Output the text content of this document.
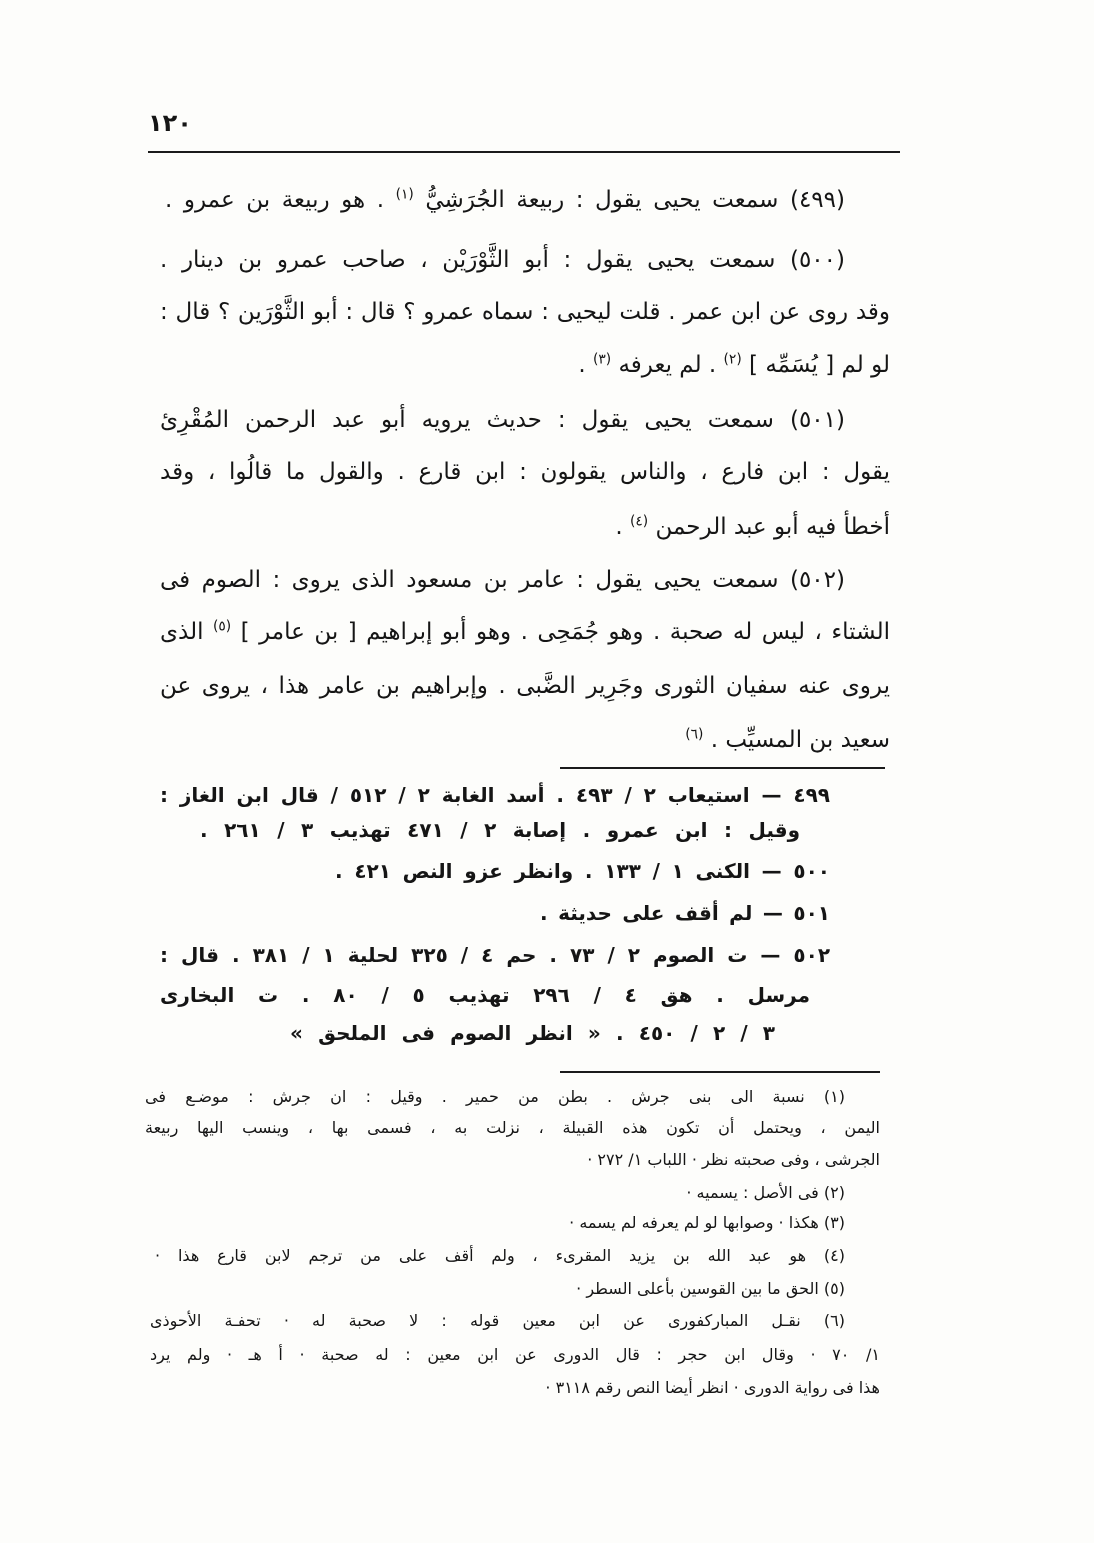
١٢٠
(٤٩٩) سمعت يحيى يقول : ربيعة الجُرَشِيُّ $^{(١)}$ . هو ربيعة بن عمرو .
(٥٠٠) سمعت يحيى يقول : أبو الثَّوْرَيْن ، صاحب عمرو بن دينار .
وقد روى عن ابن عمر . قلت ليحيى : سماه عمرو ؟ قال : أبو الثَّوْرَين ؟ قال :
لو لم [ يُسَمِّه ] $^{(٢)}$ . لم يعرفه $^{(٣)}$ .
(٥٠١) سمعت يحيى يقول : حديث يرويه أبو عبد الرحمن المُقْرِئ
يقول : ابن فارع ، والناس يقولون : ابن قارع . والقول ما قالُوا ، وقد
أخطأ فيه أبو عبد الرحمن $^{(٤)}$ .
(٥٠٢) سمعت يحيى يقول : عامر بن مسعود الذى يروى : الصوم فى
الشتاء ، ليس له صحبة . وهو جُمَحِى . وهو أبو إبراهيم [ بن عامر ] $^{(٥)}$ الذى
يروى عنه سفيان الثورى وجَرِير الضَّبى . وإبراهيم بن عامر هذا ، يروى عن
سعيد بن المسيِّب . $^{(٦)}$
٤٩٩ — استيعاب ٢ / ٤٩٣ . أسد الغابة ٢ / ٥١٢ / قال ابن الغاز :
وقيل : ابن عمرو . إصابة ٢ / ٤٧١ تهذيب ٣ / ٢٦١ .
٥٠٠ — الكنى ١ / ١٣٣ . وانظر عزو النص ٤٢١ .
٥٠١ — لم أقف على حديثة .
٥٠٢ — ت الصوم ٢ / ٧٣ . حم ٤ / ٣٢٥ لحلية ١ / ٣٨١ . قال :
مرسل . هق ٤ / ٢٩٦ تهذيب ٥ / ٨٠ . ت البخارى
٣ / ٢ / ٤٥٠ . « انظر الصوم فى الملحق »
(١) نسبة الى بنى جرش . بطن من حمير . وقيل : ان جرش : موضـع فى
اليمن ، ويحتمل أن تكون هذه القبيلة ، نزلت به ، فسمى بها ، وينسب اليها ربيعة
الجرشى ، وفى صحبته نظر · اللباب ١/ ٢٧٢ ·
(٢) فى الأصل : يسميه ·
(٣) هكذا · وصوابها لو لم يعرفه لم يسمه ·
(٤) هو عبد الله بن يزيد المقرىء ، ولم أقف على من ترجم لابن قارع هذا ·
(٥) الحق ما بين القوسين بأعلى السطر ·
(٦) نقـل المباركفورى عن ابن معين قوله : لا صحبة له · تحفـة الأحوذى
١/ ٧٠ · وقال ابن حجر : قال الدورى عن ابن معين : له صحبة · أ هـ · ولم يرد
هذا فى رواية الدورى · انظر أيضا النص رقم ٣١١٨ ·
